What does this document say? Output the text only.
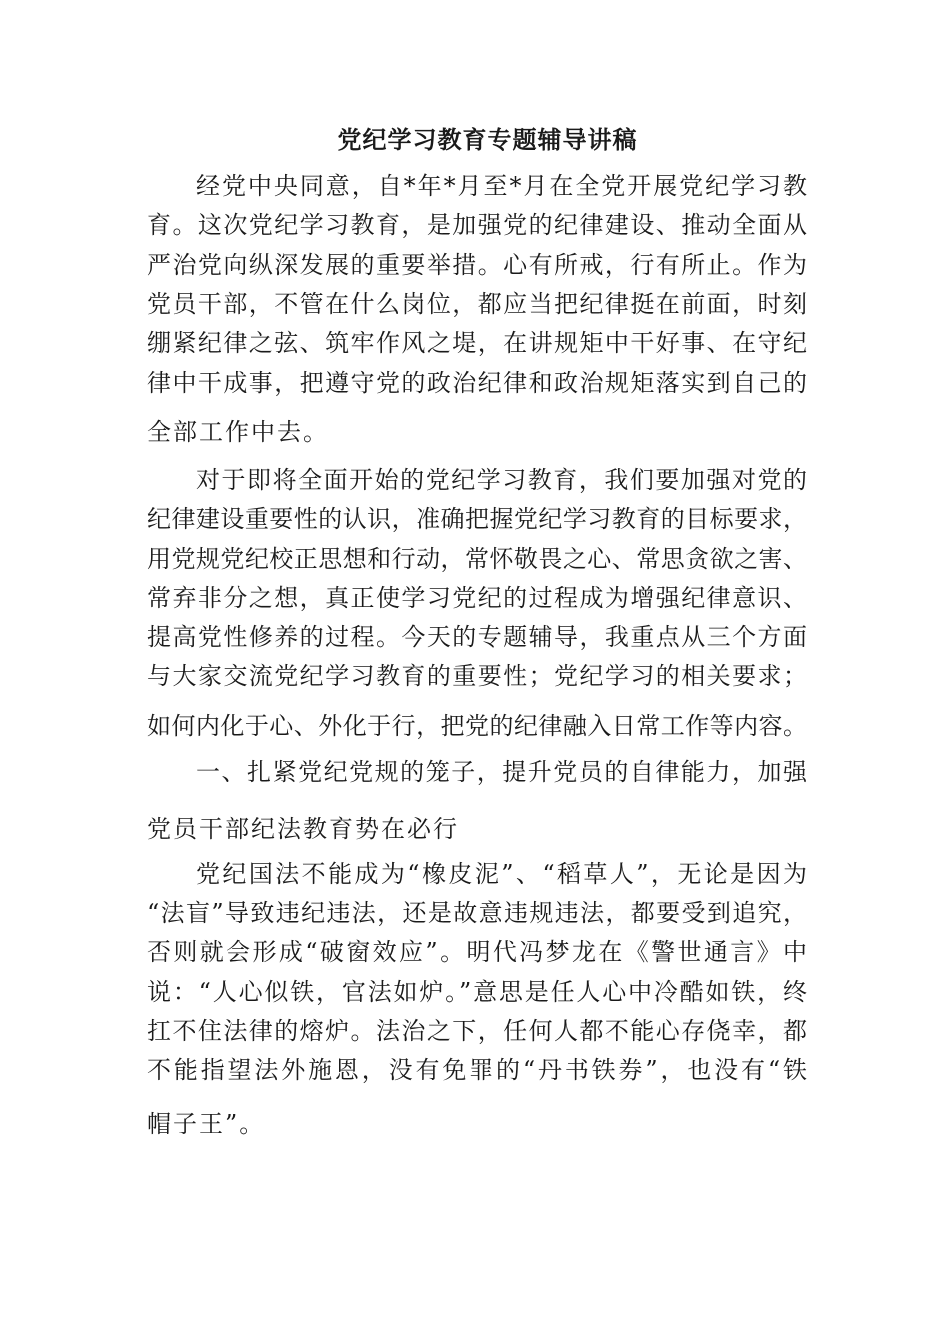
党纪学习教育专题辅导讲稿
经党中央同意，自*年*月至*月在全党开展党纪学习教
育。这次党纪学习教育，是加强党的纪律建设、推动全面从
严治党向纵深发展的重要举措。心有所戒，行有所止。作为
党员干部，不管在什么岗位，都应当把纪律挺在前面，时刻
绷紧纪律之弦、筑牢作风之堤，在讲规矩中干好事、在守纪
律中干成事，把遵守党的政治纪律和政治规矩落实到自己的
全部工作中去。
对于即将全面开始的党纪学习教育，我们要加强对党的
纪律建设重要性的认识，准确把握党纪学习教育的目标要求，
用党规党纪校正思想和行动，常怀敬畏之心、常思贪欲之害、
常弃非分之想，真正使学习党纪的过程成为增强纪律意识、
提高党性修养的过程。今天的专题辅导，我重点从三个方面
与大家交流党纪学习教育的重要性；党纪学习的相关要求；
如何内化于心、外化于行，把党的纪律融入日常工作等内容。
一、扎紧党纪党规的笼子，提升党员的自律能力，加强
党员干部纪法教育势在必行
党纪国法不能成为“橡皮泥”、“稻草人”，无论是因为
“法盲”导致违纪违法，还是故意违规违法，都要受到追究，
否则就会形成“破窗效应”。明代冯梦龙在《警世通言》中
说：“人心似铁，官法如炉。”意思是任人心中冷酷如铁，终
扛不住法律的熔炉。法治之下，任何人都不能心存侥幸，都
不能指望法外施恩，没有免罪的“丹书铁券”，也没有“铁
帽子王”。
